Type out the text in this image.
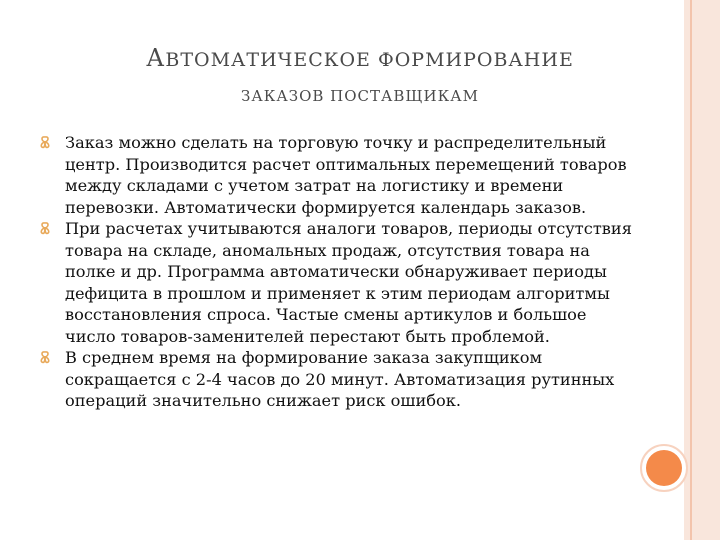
АВТОМАТИЧЕСКОЕ ФОРМИРОВАНИЕ
ЗАКАЗОВ ПОСТАВЩИКАМ
Заказ можно сделать на торговую точку и распределительный центр. Производится расчет оптимальных перемещений товаров между складами с учетом затрат на логистику и времени перевозки. Автоматически формируется календарь заказов.
При расчетах учитываются аналоги товаров, периоды отсутствия товара на складе, аномальных продаж, отсутствия товара на полке и др. Программа автоматически обнаруживает периоды дефицита в прошлом и применяет к этим периодам алгоритмы восстановления спроса. Частые смены артикулов и большое число товаров-заменителей перестают быть проблемой.
В среднем время на формирование заказа закупщиком сокращается с 2-4 часов до 20 минут. Автоматизация рутинных операций значительно снижает риск ошибок.
